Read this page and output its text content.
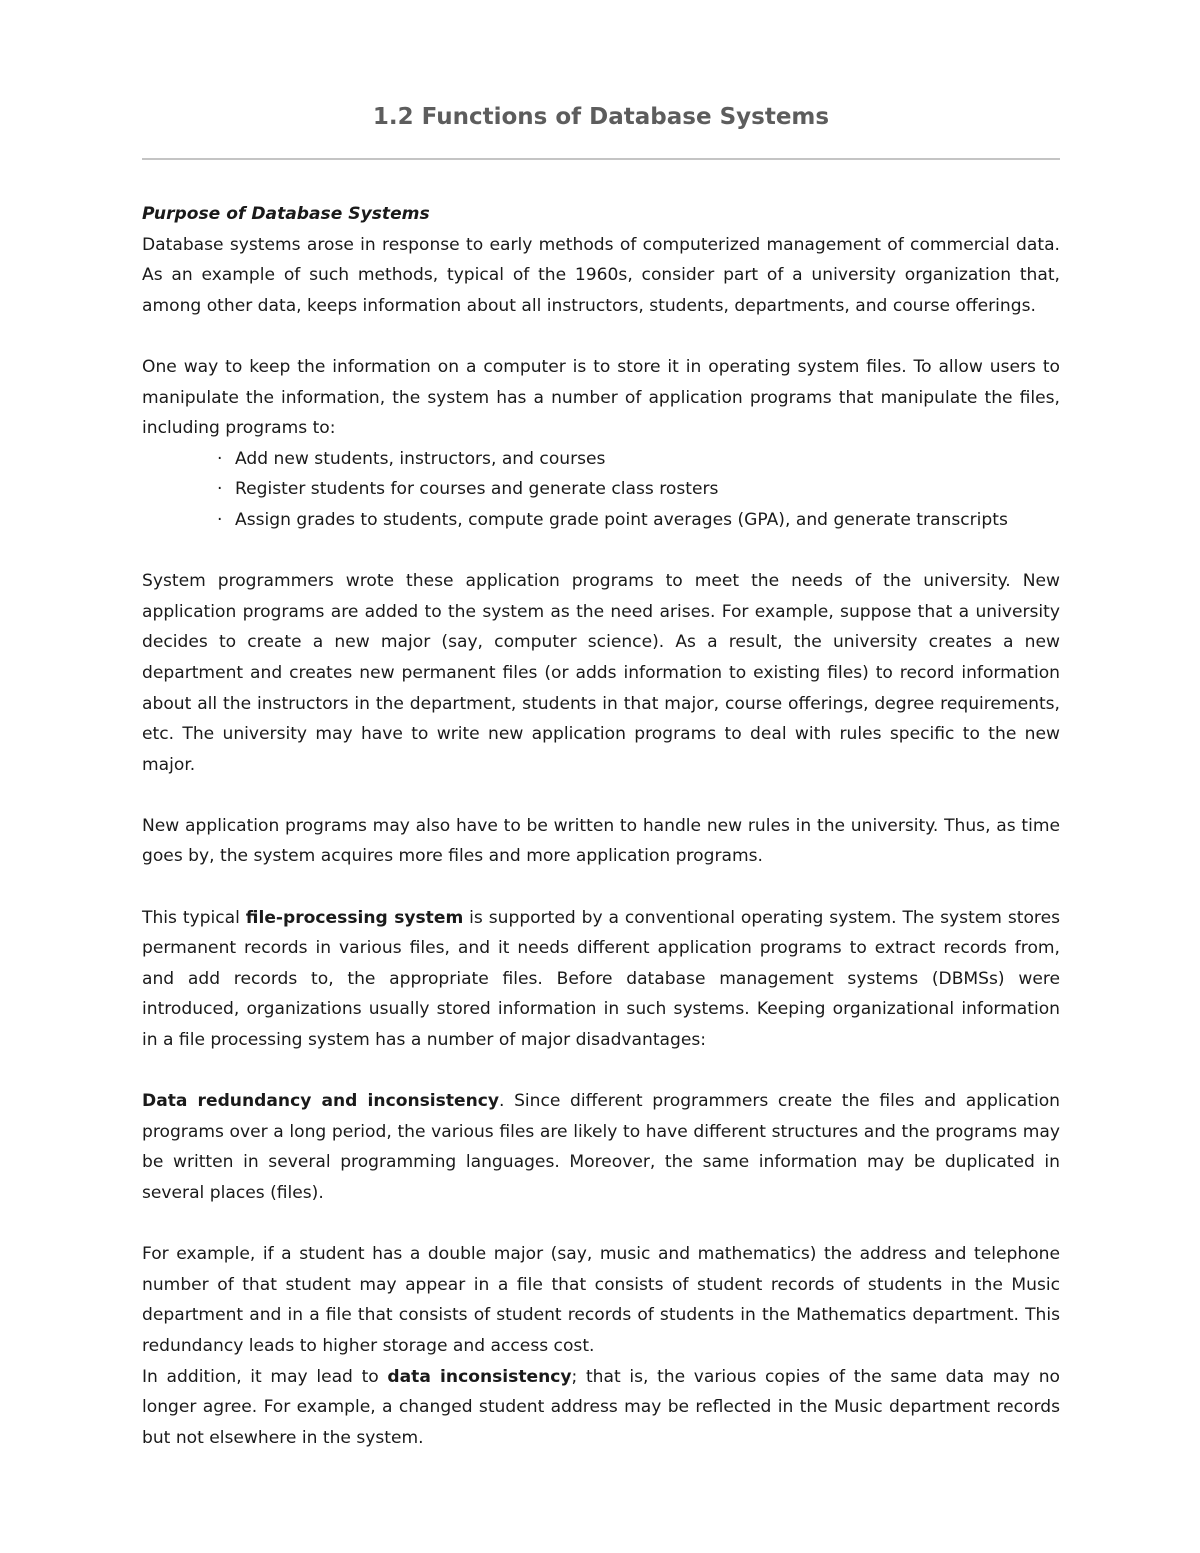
1.2 Functions of Database Systems

Purpose of Database Systems

Database systems arose in response to early methods of computerized management of commercial data. As an example of such methods, typical of the 1960s, consider part of a university organization that, among other data, keeps information about all instructors, students, departments, and course offerings.

One way to keep the information on a computer is to store it in operating system files. To allow users to manipulate the information, the system has a number of application programs that manipulate the files, including programs to:

· Add new students, instructors, and courses
· Register students for courses and generate class rosters
· Assign grades to students, compute grade point averages (GPA), and generate transcripts

System programmers wrote these application programs to meet the needs of the university. New application programs are added to the system as the need arises. For example, suppose that a university decides to create a new major (say, computer science). As a result, the university creates a new department and creates new permanent files (or adds information to existing files) to record information about all the instructors in the department, students in that major, course offerings, degree requirements, etc. The university may have to write new application programs to deal with rules specific to the new major.

New application programs may also have to be written to handle new rules in the university. Thus, as time goes by, the system acquires more files and more application programs.

This typical file-processing system is supported by a conventional operating system. The system stores permanent records in various files, and it needs different application programs to extract records from, and add records to, the appropriate files. Before database management systems (DBMSs) were introduced, organizations usually stored information in such systems. Keeping organizational information in a file processing system has a number of major disadvantages:

Data redundancy and inconsistency. Since different programmers create the files and application programs over a long period, the various files are likely to have different structures and the programs may be written in several programming languages. Moreover, the same information may be duplicated in several places (files).

For example, if a student has a double major (say, music and mathematics) the address and telephone number of that student may appear in a file that consists of student records of students in the Music department and in a file that consists of student records of students in the Mathematics department. This redundancy leads to higher storage and access cost.

In addition, it may lead to data inconsistency; that is, the various copies of the same data may no longer agree. For example, a changed student address may be reflected in the Music department records but not elsewhere in the system.
